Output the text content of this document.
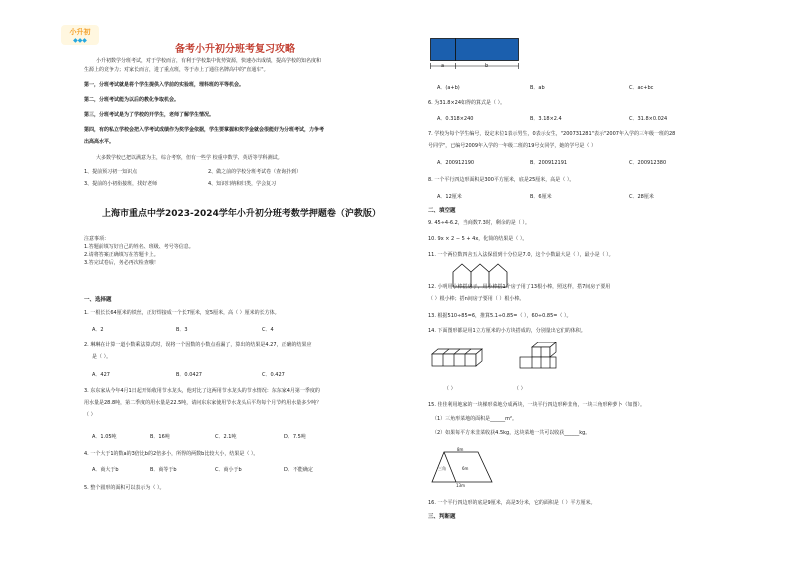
小升初
◆◆◆
备考小升初分班考复习攻略
小升初数学分班考试，对于学校而言，有利于学校集中优势资源，快速办出成绩，提高学校的知名度和
生源上的竞争力；对家长而言，进了重点班，等于赤上了通往名牌高中的"直通车"。
第一，分班考试就是将个学生提供入学前的实验班，理科班的平等机会。
第二，分班考试能为以后的教化争取机会。
第三，分班考试是为了学校的开学生，老师了解学生情况。
第四，有的私立学校会把入学考试成绩作为奖学金依据，学生要掌握和奖学金就会很能好为分班考试，力争考
出高高水平。
大多数学校已把以满意为主，综合考察，但有一些学 校重中数学、英语等学科测试。
1、提前预习初一知识点	2、做之前的学校分班考试卷（查询扑到）
3、提前的小初衔接班，找好老师	4、知识归纳和归类，学会复习
上海市重点中学2023-2024学年小升初分班考数学押题卷（沪教版）
注意事项：
1.答题前填写好自己的姓名、班级、考号等信息。
2.请将答案正确填写在答题卡上。
3.答完试卷后，务必再次检查哦！
一、选择题
1. 一根长长64厘米的铁丝，正好焊接成一个长7厘米，宽5厘米，高（ ）厘米的长方体。
A．2	B．3	C．4
2. 琳琳在计算一道小数乘法算式时，误将一个因数的小数点看漏了，算出的结果是4.27，正确的结果应
是（ ）。
A．427	B．0.0427	C．0.427
3. 东东家从今年4月1日起开始收用节水龙头，他对比了这两用节水龙头的节水情况：东东家4月第一季度的
用水量是28.8吨，第二季度的用水量是22.5吨，请问东东家使用节水龙头后平均每个月节约用水量多少吨？
（ ）
A．1.05吨	B．16吨	C．2.1吨	D．7.5吨
4. 一个大于1的数a的3倍比b的2倍多小，所得的两数b比较大小，结果是（ ）。
A．商大于b	B．商等于b	C．商小于b	D．不能确定
5. 整个圆形的面积可以表示为（ ）。
a	b
A．(a+b)	B．ab	C．ac+bc
6. 为31.8×24如得的算式是（ ）。
A．0.318×240	B．3.18×2.4	C．31.8×0.024
7. 学校为每个学生编号，设定末位1表示男生，0表示女生，"200731281"表示"2007年入学的三年级一班的28
号同学"，已编号2009年入学的一年级二班的19号女同学，她的学号是（ ）
A．200912190	B．200912191	C．200912380
8. 一个平行四边形面积是300平方厘米，底是25厘米，高是（ ）。
A．12厘米	B．6厘米	C．28厘米
二、填空题
9. 45÷4-6.2，当商数7.3时，剩余的是（ ）。
10. 9x × 2 − 5 + 4x，化简的结果是（ ）。
11. 一个两位数四舍五入法保留到十分位是7.0，这个小数最大是（ ），最小是（ ）。
12. 小明用小棒搭房子，用小棒搭1个房子用了13根小棒，照这样，搭7间房子要用
（ ）根小棒；搭n间房子要用（ ）根小棒。
13. 根据510÷85=6，推算5.1÷0.85=（ ），60÷0.85=（ ）。
14. 下面图形都是用1立方厘米的小方块搭成的，分别量出它们的体积。
（ ）	（ ）
15. 佳佳利用地家的一块梯形菜地分成两块，一块平行四边形种韭角，一块三角形种萝卜（如图）。
（1）三角形菜地的面积是______m²。
（2）如果每平方米韭菜收获4.5kg，这块菜地一共可以收获______kg。
8m
三角	6m
13m
16. 一个平行四边形的底是9厘米，高是3分米，它的面积是（ ）平方厘米。
三、判断题
